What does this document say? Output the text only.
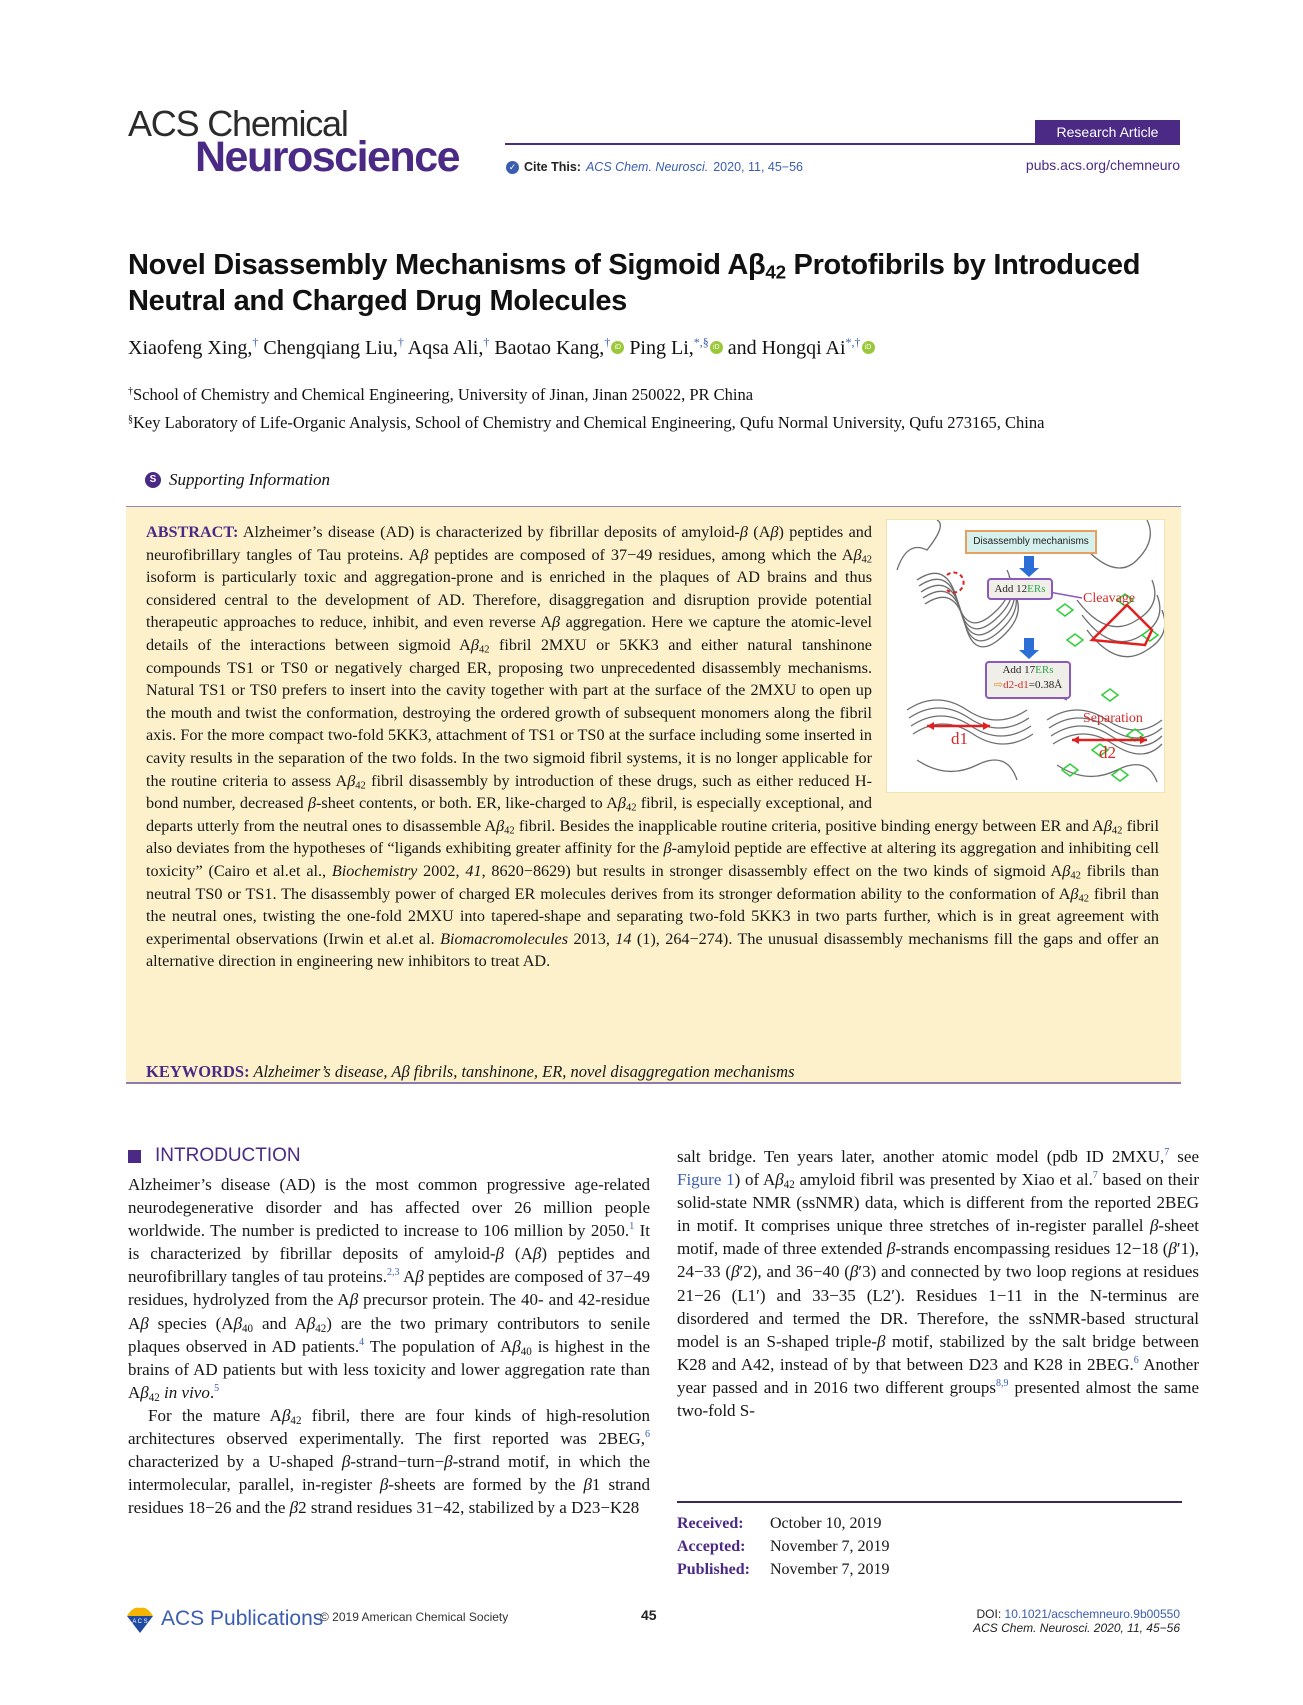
ACS Chemical
Neuroscience
Research Article
✓ Cite This: ACS Chem. Neurosci. 2020, 11, 45−56	pubs.acs.org/chemneuro
Novel Disassembly Mechanisms of Sigmoid $A\beta_{42}$ Protofibrils by Introduced Neutral and Charged Drug Molecules
Xiaofeng Xing,† Chengqiang Liu,† Aqsa Ali,† Baotao Kang,† iD Ping Li,*,§ iD and Hongqi Ai*,† iD
†School of Chemistry and Chemical Engineering, University of Jinan, Jinan 250022, PR China
§Key Laboratory of Life-Organic Analysis, School of Chemistry and Chemical Engineering, Qufu Normal University, Qufu 273165, China
S Supporting Information
Disassembly mechanisms
Add 12ERs
Add 17ERs
⇨d2-d1=0.38Å
Cleavage
Separation
d1
d2
ABSTRACT: Alzheimer’s disease (AD) is characterized by fibrillar deposits of amyloid-β (Aβ) peptides and neurofibrillary tangles of Tau proteins. Aβ peptides are composed of 37−49 residues, among which the $A\beta_{42}$ isoform is particularly toxic and aggregation-prone and is enriched in the plaques of AD brains and thus considered central to the development of AD. Therefore, disaggregation and disruption provide potential therapeutic approaches to reduce, inhibit, and even reverse Aβ aggregation. Here we capture the atomic-level details of the interactions between sigmoid $A\beta_{42}$ fibril 2MXU or 5KK3 and either natural tanshinone compounds TS1 or TS0 or negatively charged ER, proposing two unprecedented disassembly mechanisms. Natural TS1 or TS0 prefers to insert into the cavity together with part at the surface of the 2MXU to open up the mouth and twist the conformation, destroying the ordered growth of subsequent monomers along the fibril axis. For the more compact two-fold 5KK3, attachment of TS1 or TS0 at the surface including some inserted in cavity results in the separation of the two folds. In the two sigmoid fibril systems, it is no longer applicable for the routine criteria to assess $A\beta_{42}$ fibril disassembly by introduction of these drugs, such as either reduced H-bond number, decreased β-sheet contents, or both. ER, like-charged to $A\beta_{42}$ fibril, is especially exceptional, and departs utterly from the neutral ones to disassemble $A\beta_{42}$ fibril. Besides the inapplicable routine criteria, positive binding energy between ER and $A\beta_{42}$ fibril also deviates from the hypotheses of “ligands exhibiting greater affinity for the β-amyloid peptide are effective at altering its aggregation and inhibiting cell toxicity” (Cairo et al.et al., Biochemistry 2002, 41, 8620−8629) but results in stronger disassembly effect on the two kinds of sigmoid $A\beta_{42}$ fibrils than neutral TS0 or TS1. The disassembly power of charged ER molecules derives from its stronger deformation ability to the conformation of $A\beta_{42}$ fibril than the neutral ones, twisting the one-fold 2MXU into tapered-shape and separating two-fold 5KK3 in two parts further, which is in great agreement with experimental observations (Irwin et al.et al. Biomacromolecules 2013, 14 (1), 264−274). The unusual disassembly mechanisms fill the gaps and offer an alternative direction in engineering new inhibitors to treat AD.
KEYWORDS: Alzheimer’s disease, Aβ fibrils, tanshinone, ER, novel disaggregation mechanisms
INTRODUCTION

Alzheimer’s disease (AD) is the most common progressive age-related neurodegenerative disorder and has affected over 26 million people worldwide. The number is predicted to increase to 106 million by 2050.$^1$ It is characterized by fibrillar deposits of amyloid-β (Aβ) peptides and neurofibrillary tangles of tau proteins.$^{2,3}$ Aβ peptides are composed of 37−49 residues, hydrolyzed from the Aβ precursor protein. The 40- and 42-residue Aβ species ($A\beta_{40}$ and $A\beta_{42}$) are the two primary contributors to senile plaques observed in AD patients.$^4$ The population of $A\beta_{40}$ is highest in the brains of AD patients but with less toxicity and lower aggregation rate than $A\beta_{42}$ in vivo.$^5$

For the mature $A\beta_{42}$ fibril, there are four kinds of high-resolution architectures observed experimentally. The first reported was 2BEG,$^6$ characterized by a U-shaped β-strand−turn−β-strand motif, in which the intermolecular, parallel, in-register β-sheets are formed by the β1 strand residues 18−26 and the β2 strand residues 31−42, stabilized by a D23−K28

salt bridge. Ten years later, another atomic model (pdb ID 2MXU,$^7$ see Figure 1) of $A\beta_{42}$ amyloid fibril was presented by Xiao et al.$^7$ based on their solid-state NMR (ssNMR) data, which is different from the reported 2BEG in motif. It comprises unique three stretches of in-register parallel β-sheet motif, made of three extended β-strands encompassing residues 12−18 (β′1), 24−33 (β′2), and 36−40 (β′3) and connected by two loop regions at residues 21−26 (L1′) and 33−35 (L2′). Residues 1−11 in the N-terminus are disordered and termed the DR. Therefore, the ssNMR-based structural model is an S-shaped triple-β motif, stabilized by the salt bridge between K28 and A42, instead of by that between D23 and K28 in 2BEG.$^6$ Another year passed and in 2016 two different groups$^{8,9}$ presented almost the same two-fold S-

Received:	October 10, 2019
Accepted:	November 7, 2019
Published:	November 7, 2019
A C S ACS Publications
© 2019 American Chemical Society	45	DOI: 10.1021/acschemneuro.9b00550
ACS Chem. Neurosci. 2020, 11, 45−56
